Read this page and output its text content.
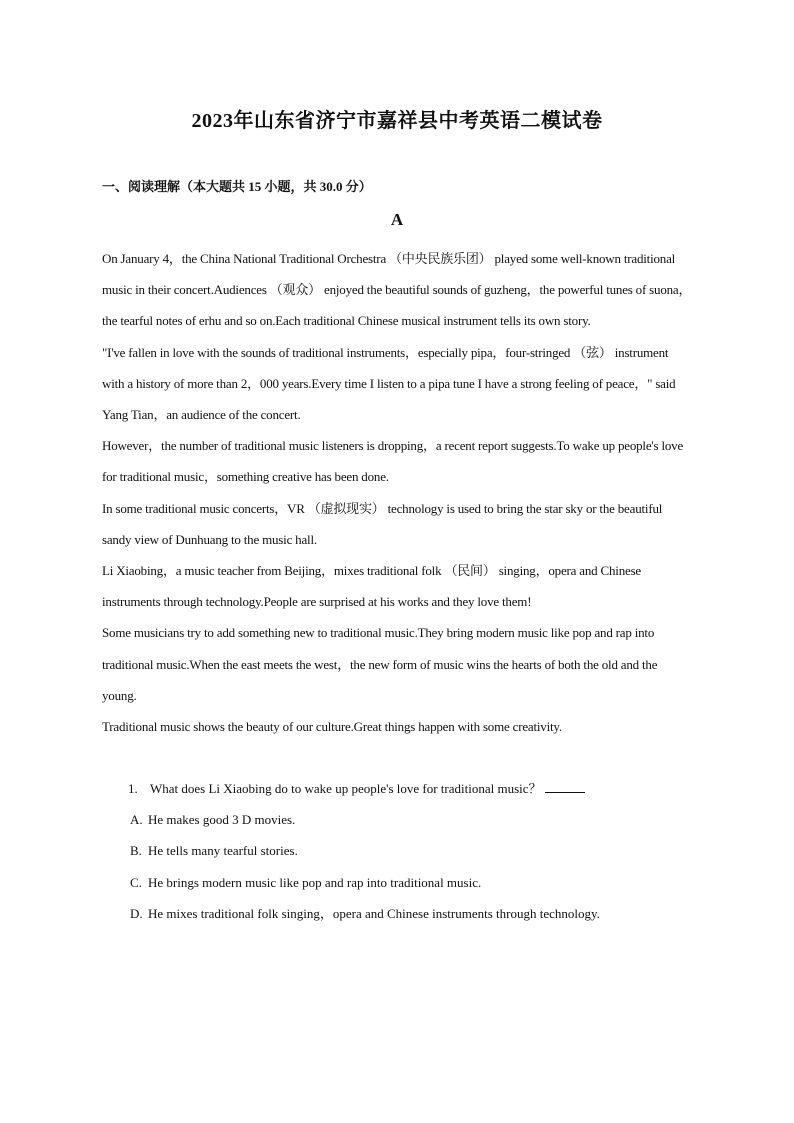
2023年山东省济宁市嘉祥县中考英语二模试卷
一、阅读理解（本大题共 15 小题，共 30.0 分）
A

On January 4，the China National Traditional Orchestra （中央民族乐团） played some well-known traditional music in their concert.Audiences （观众） enjoyed the beautiful sounds of guzheng，the powerful tunes of suona，the tearful notes of erhu and so on.Each traditional Chinese musical instrument tells its own story.

"I've fallen in love with the sounds of traditional instruments，especially pipa，four-stringed （弦） instrument with a history of more than 2，000 years.Every time I listen to a pipa tune I have a strong feeling of peace，" said Yang Tian，an audience of the concert.

However，the number of traditional music listeners is dropping，a recent report suggests.To wake up people's love for traditional music，something creative has been done.

In some traditional music concerts，VR （虚拟现实） technology is used to bring the star sky or the beautiful sandy view of Dunhuang to the music hall.

Li Xiaobing，a music teacher from Beijing，mixes traditional folk （民间） singing，opera and Chinese instruments through technology.People are surprised at his works and they love them!

Some musicians try to add something new to traditional music.They bring modern music like pop and rap into traditional music.When the east meets the west，the new form of music wins the hearts of both the old and the young.

Traditional music shows the beauty of our culture.Great things happen with some creativity.

1. What does Li Xiaobing do to wake up people's love for traditional music？
A. He makes good 3 D movies.
B. He tells many tearful stories.
C. He brings modern music like pop and rap into traditional music.
D. He mixes traditional folk singing，opera and Chinese instruments through technology.
